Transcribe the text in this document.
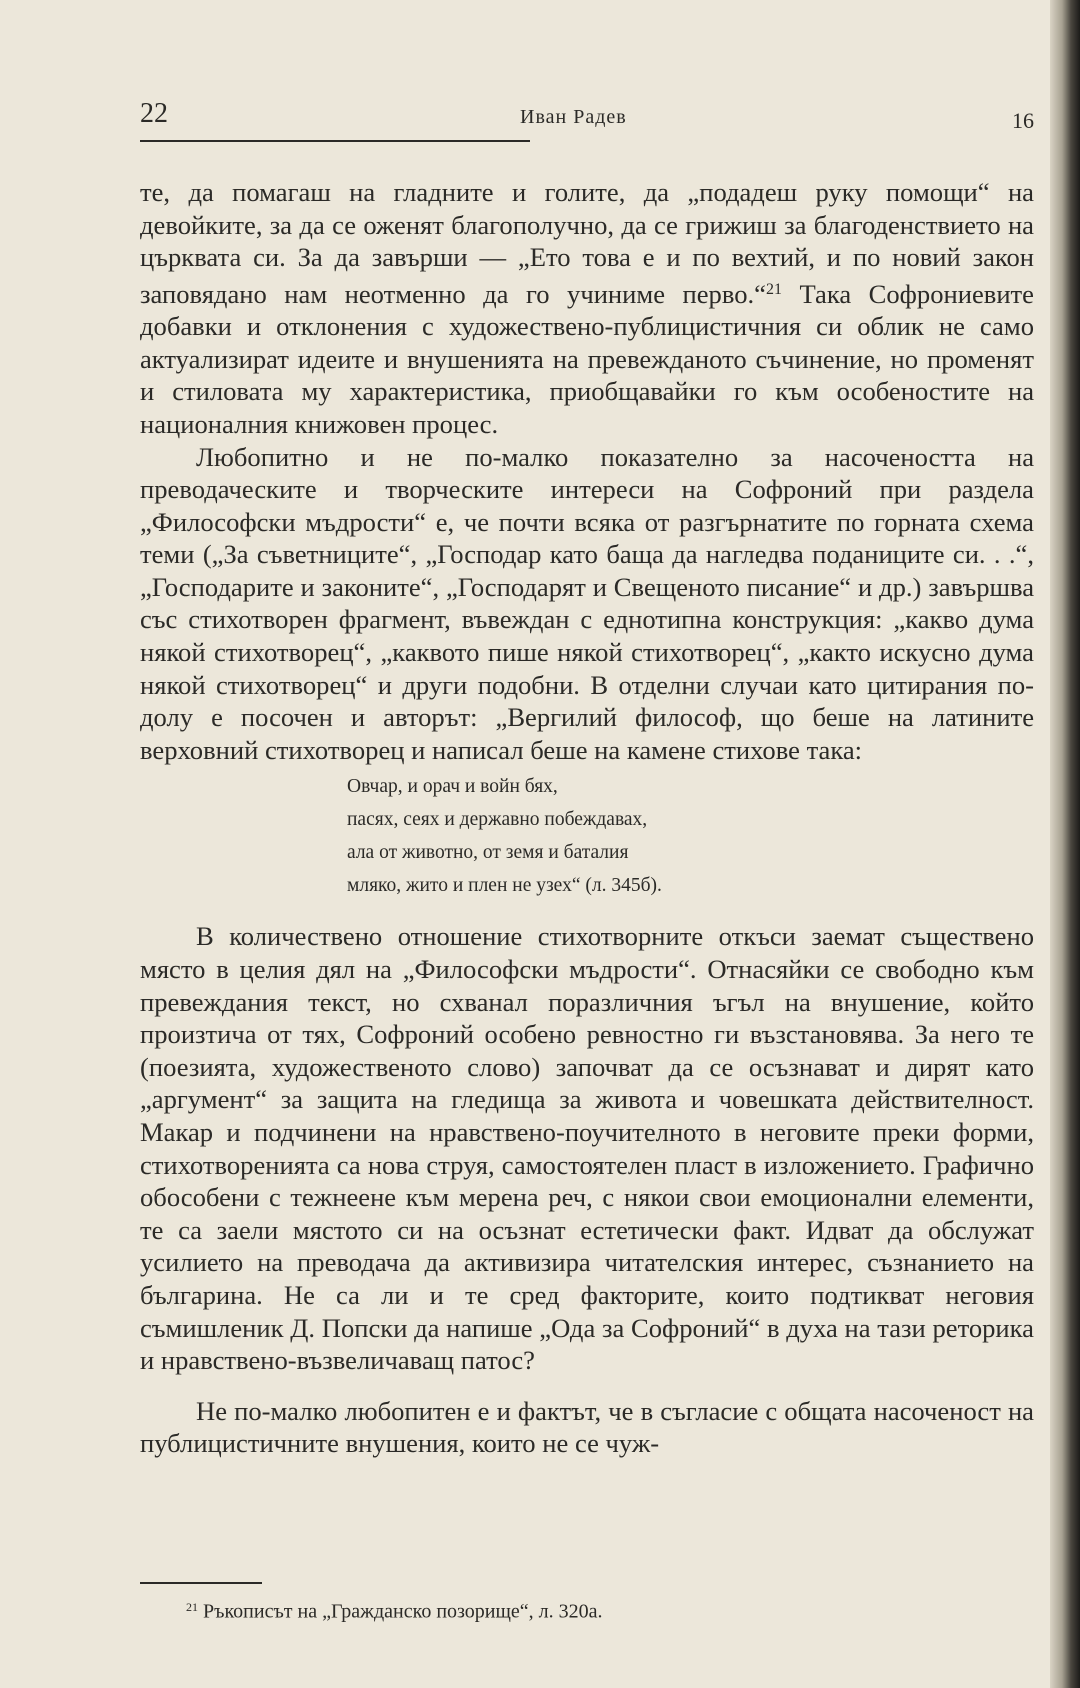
22	Иван Радев	16

те, да помагаш на гладните и голите, да „подадеш руку помощи“ на девойките, за да се оженят благополучно, да се грижиш за благоденствието на църквата си. За да завърши — „Ето това е и по вехтий, и по новий закон заповядано нам неотменно да го учиниме перво.“$^{21}$ Така Софрониевите добавки и отклонения с художествено-публицистичния си облик не само актуализират идеите и внушенията на превежданото съчинение, но променят и стиловата му характеристика, приобщавайки го към особеностите на националния книжовен процес.

Любопитно и не по-малко показателно за насочеността на преводаческите и творческите интереси на Софроний при раздела „Философски мъдрости“ е, че почти всяка от разгърнатите по горната схема теми („За съветниците“, „Господар като баща да нагледва поданиците си. . .“, „Господарите и законите“, „Господарят и Свещеното писание“ и др.) завършва със стихотворен фрагмент, въвеждан с еднотипна конструкция: „какво дума някой стихотворец“, „каквото пише някой стихотворец“, „както искусно дума някой стихотворец“ и други подобни. В отделни случаи като цитирания по-долу е посочен и авторът: „Вергилий философ, що беше на латините верховний стихотворец и написал беше на камене стихове така:

Овчар, и орач и войн бях,
пасях, сеях и державно побеждавах,
ала от животно, от земя и баталия
мляко, жито и плен не узех“ (л. 345б).

В количествено отношение стихотворните откъси заемат съществено място в целия дял на „Философски мъдрости“. Отнасяйки се свободно към превеждания текст, но схванал поразличния ъгъл на внушение, който произтича от тях, Софроний особено ревностно ги възстановява. За него те (поезията, художественото слово) започват да се осъзнават и дирят като „аргумент“ за защита на гледища за живота и човешката действителност. Макар и подчинени на нравствено-поучителното в неговите преки форми, стихотворенията са нова струя, самостоятелен пласт в изложението. Графично обособени с тежнеене към мерена реч, с някои свои емоционални елементи, те са заели мястото си на осъзнат естетически факт. Идват да обслужат усилието на преводача да активизира читателския интерес, съзнанието на българина. Не са ли и те сред факторите, които подтикват неговия съмишленик Д. Попски да напише „Ода за Софроний“ в духа на тази реторика и нравствено-възвеличаващ патос?

Не по-малко любопитен е и фактът, че в съгласие с общата насоченост на публицистичните внушения, които не се чуж-

$^{21}$ Ръкописът на „Гражданско позорище“, л. 320а.
